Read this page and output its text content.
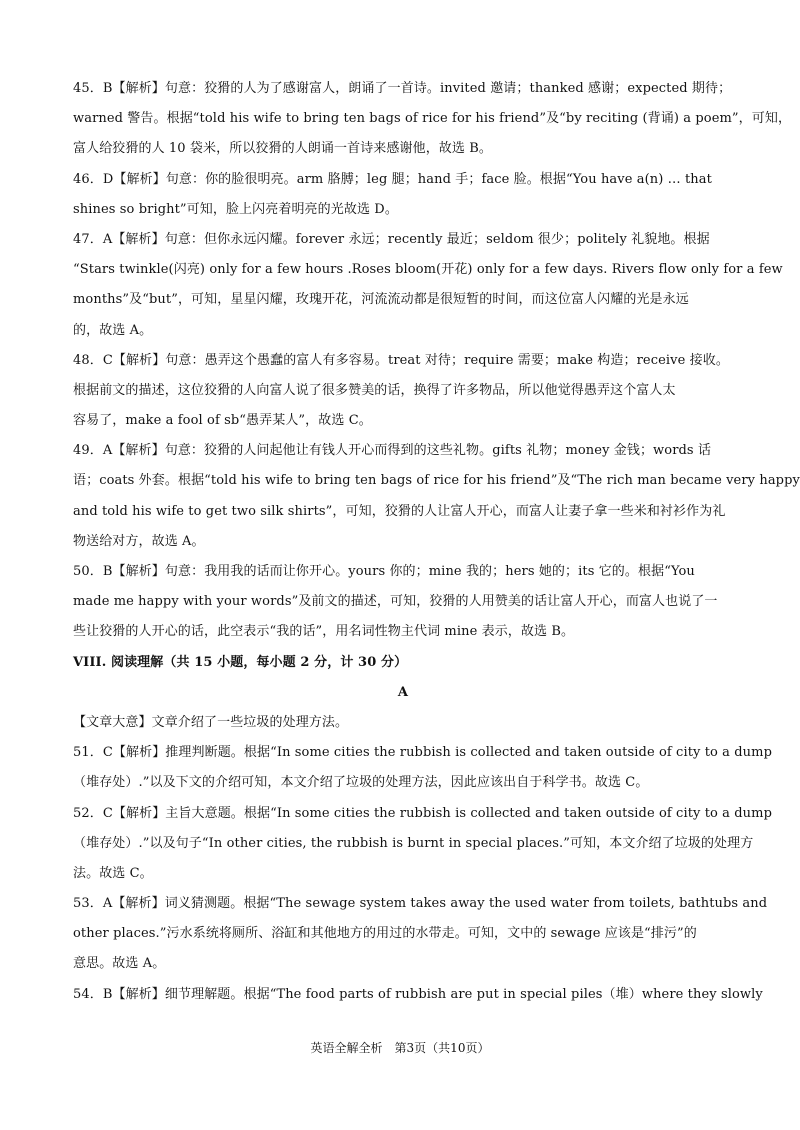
45．B【解析】句意：狡猾的人为了感谢富人，朗诵了一首诗。invited 邀请；thanked 感谢；expected 期待；
warned 警告。根据“told his wife to bring ten bags of rice for his friend”及“by reciting (背诵) a poem”，可知，
富人给狡猾的人 10 袋米，所以狡猾的人朗诵一首诗来感谢他，故选 B。
46．D【解析】句意：你的脸很明亮。arm 胳膊；leg 腿；hand 手；face 脸。根据“You have a(n) … that
shines so bright”可知，脸上闪亮着明亮的光故选 D。
47．A【解析】句意：但你永远闪耀。forever 永远；recently 最近；seldom 很少；politely 礼貌地。根据
“Stars twinkle(闪亮) only for a few hours .Roses bloom(开花) only for a few days. Rivers flow only for a few
months”及“but”，可知，星星闪耀，玫瑰开花，河流流动都是很短暂的时间，而这位富人闪耀的光是永远
的，故选 A。
48．C【解析】句意：愚弄这个愚蠢的富人有多容易。treat 对待；require 需要；make 构造；receive 接收。
根据前文的描述，这位狡猾的人向富人说了很多赞美的话，换得了许多物品，所以他觉得愚弄这个富人太
容易了，make a fool of sb“愚弄某人”，故选 C。
49．A【解析】句意：狡猾的人问起他让有钱人开心而得到的这些礼物。gifts 礼物；money 金钱；words 话
语；coats 外套。根据“told his wife to bring ten bags of rice for his friend”及“The rich man became very happy
and told his wife to get two silk shirts”，可知，狡猾的人让富人开心，而富人让妻子拿一些米和衬衫作为礼
物送给对方，故选 A。
50．B【解析】句意：我用我的话而让你开心。yours 你的；mine 我的；hers 她的；its 它的。根据“You
made me happy with your words”及前文的描述，可知，狡猾的人用赞美的话让富人开心，而富人也说了一
些让狡猾的人开心的话，此空表示“我的话”，用名词性物主代词 mine 表示，故选 B。
VIII. 阅读理解（共 15 小题，每小题 2 分，计 30 分）
A
【文章大意】文章介绍了一些垃圾的处理方法。
51．C【解析】推理判断题。根据“In some cities the rubbish is collected and taken outside of city to a dump
（堆存处）.”以及下文的介绍可知，本文介绍了垃圾的处理方法，因此应该出自于科学书。故选 C。
52．C【解析】主旨大意题。根据“In some cities the rubbish is collected and taken outside of city to a dump
（堆存处）.”以及句子“In other cities, the rubbish is burnt in special places.”可知，本文介绍了垃圾的处理方
法。故选 C。
53．A【解析】词义猜测题。根据“The sewage system takes away the used water from toilets, bathtubs and
other places.”污水系统将厕所、浴缸和其他地方的用过的水带走。可知，文中的 sewage 应该是“排污”的
意思。故选 A。
54．B【解析】细节理解题。根据“The food parts of rubbish are put in special piles（堆）where they slowly
英语全解全析　第3页（共10页）
